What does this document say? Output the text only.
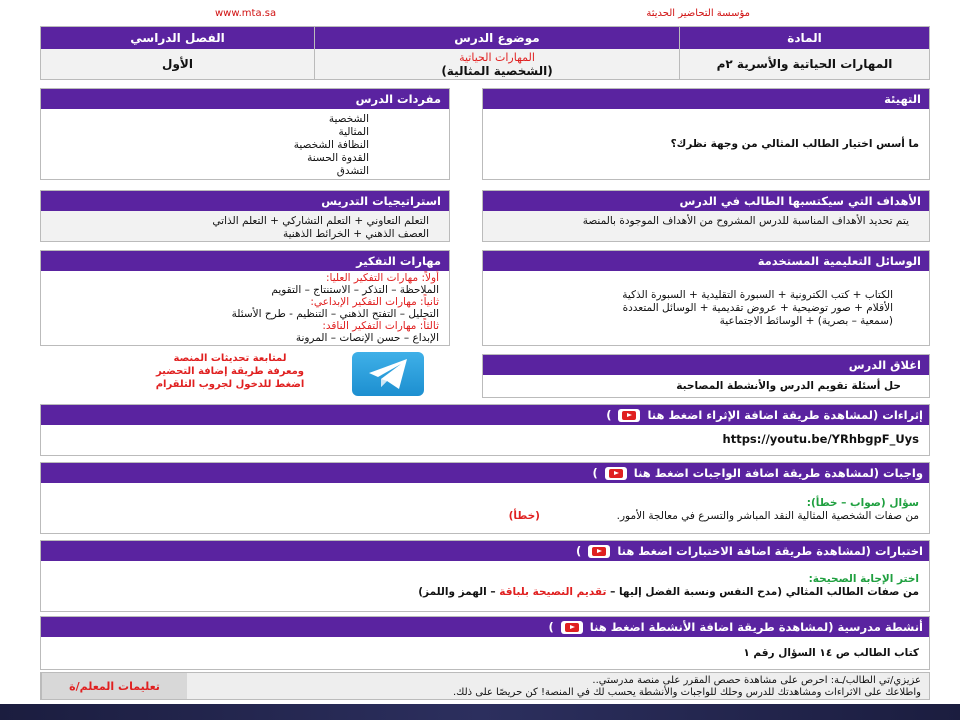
مؤسسة التحاضير الحديثة
www.mta.sa
المادة
المهارات الحياتية والأسرية ٢م
موضوع الدرس
المهارات الحياتية
(الشخصية المثالية)
الفصل الدراسي
الأول
التهيئة
ما أسس اختيار الطالب المثالي من وجهة نظرك؟
مفردات الدرس
الشخصية
المثالية
النظافة الشخصية
القدوة الحسنة
التشدق
الأهداف التي سيكتسبها الطالب في الدرس
يتم تحديد الأهداف المناسبة للدرس المشروح من الأهداف الموجودة بالمنصة
استراتيجيات التدريس
التعلم التعاوني + التعلم التشاركي + التعلم الذاتي
العصف الذهني + الخرائط الذهنية
الوسائل التعليمية المستخدمة
الكتاب + كتب الكترونية + السبورة التقليدية + السبورة الذكية
الأقلام + صور توضيحية + عروض تقديمية + الوسائل المتعددة
(سمعية – بصرية) + الوسائط الاجتماعية
مهارات التفكير
أولاً: مهارات التفكير العليا:
الملاحظة – التذكر – الاستنتاج – التقويم
ثانياً: مهارات التفكير الإبداعي:
التحليل – التفتح الذهني – التنظيم - طرح الأسئلة
ثالثاً: مهارات التفكير الناقد:
الإبداع – حسن الإنصات – المرونة
لمتابعة تحديثات المنصة
ومعرفة طريقة إضافة التحضير
اضغط للدخول لجروب التلقرام
اغلاق الدرس
حل أسئلة تقويم الدرس والأنشطة المصاحبة
إثراءات
(لمشاهدة طريقة اضافة الإثراء اضغط هنا
)
https://youtu.be/YRhbgpF_Uys
واجبات
(لمشاهدة طريقة اضافة الواجبات اضغط هنا
)
سؤال (صواب – خطأ):
من صفات الشخصية المثالية النقد المباشر والتسرع في معالجة الأمور.  (خطأ)
اختبارات
(لمشاهدة طريقة اضافة الاختبارات اضغط هنا
)
اختر الإجابة الصحيحة:
من صفات الطالب المثالي (مدح النفس ونسبة الفضل إليها – تقديم النصيحة بلباقة – الهمز واللمز)
أنشطة مدرسية
(لمشاهدة طريقة اضافة الأنشطة اضغط هنا
)
كتاب الطالب ص ١٤ السؤال رقم ١
عزيزي/تي الطالب/ـة: احرص على مشاهدة حصص المقرر على منصة مدرستي..
واطلاعك على الاثراءات ومشاهدتك للدرس وحلك للواجبات والأنشطة يحسب لك في المنصة! كن حريصًا على ذلك.
تعليمات المعلم/ة
